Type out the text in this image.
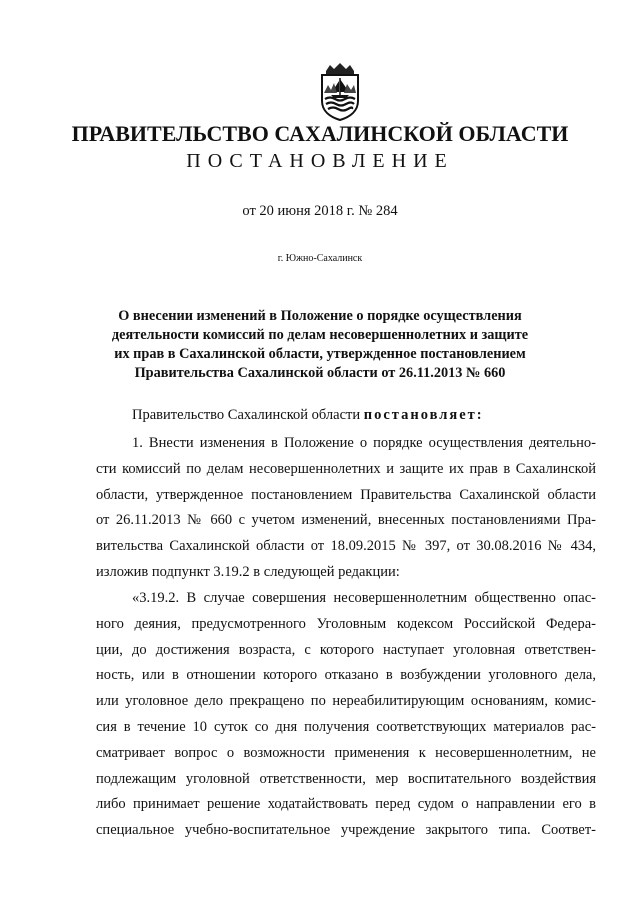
ПРАВИТЕЛЬСТВО САХАЛИНСКОЙ ОБЛАСТИ
ПОСТАНОВЛЕНИЕ
от 20 июня 2018 г. № 284
г. Южно-Сахалинск
О внесении изменений в Положение о порядке осуществления
деятельности комиссий по делам несовершеннолетних и защите
их прав в Сахалинской области, утвержденное постановлением
Правительства Сахалинской области от 26.11.2013 № 660
Правительство Сахалинской области постановляет:
1. Внести изменения в Положение о порядке осуществления деятельно-
сти комиссий по делам несовершеннолетних и защите их прав в Сахалинской
области, утвержденное постановлением Правительства Сахалинской области
от 26.11.2013 № 660 с учетом изменений, внесенных постановлениями Пра-
вительства Сахалинской области от 18.09.2015 № 397, от 30.08.2016 № 434,
изложив подпункт 3.19.2 в следующей редакции:
«3.19.2. В случае совершения несовершеннолетним общественно опас-
ного деяния, предусмотренного Уголовным кодексом Российской Федера-
ции, до достижения возраста, с которого наступает уголовная ответствен-
ность, или в отношении которого отказано в возбуждении уголовного дела,
или уголовное дело прекращено по нереабилитирующим основаниям, комис-
сия в течение 10 суток со дня получения соответствующих материалов рас-
сматривает вопрос о возможности применения к несовершеннолетним, не
подлежащим уголовной ответственности, мер воспитательного воздействия
либо принимает решение ходатайствовать перед судом о направлении его в
специальное учебно-воспитательное учреждение закрытого типа. Соответ-
